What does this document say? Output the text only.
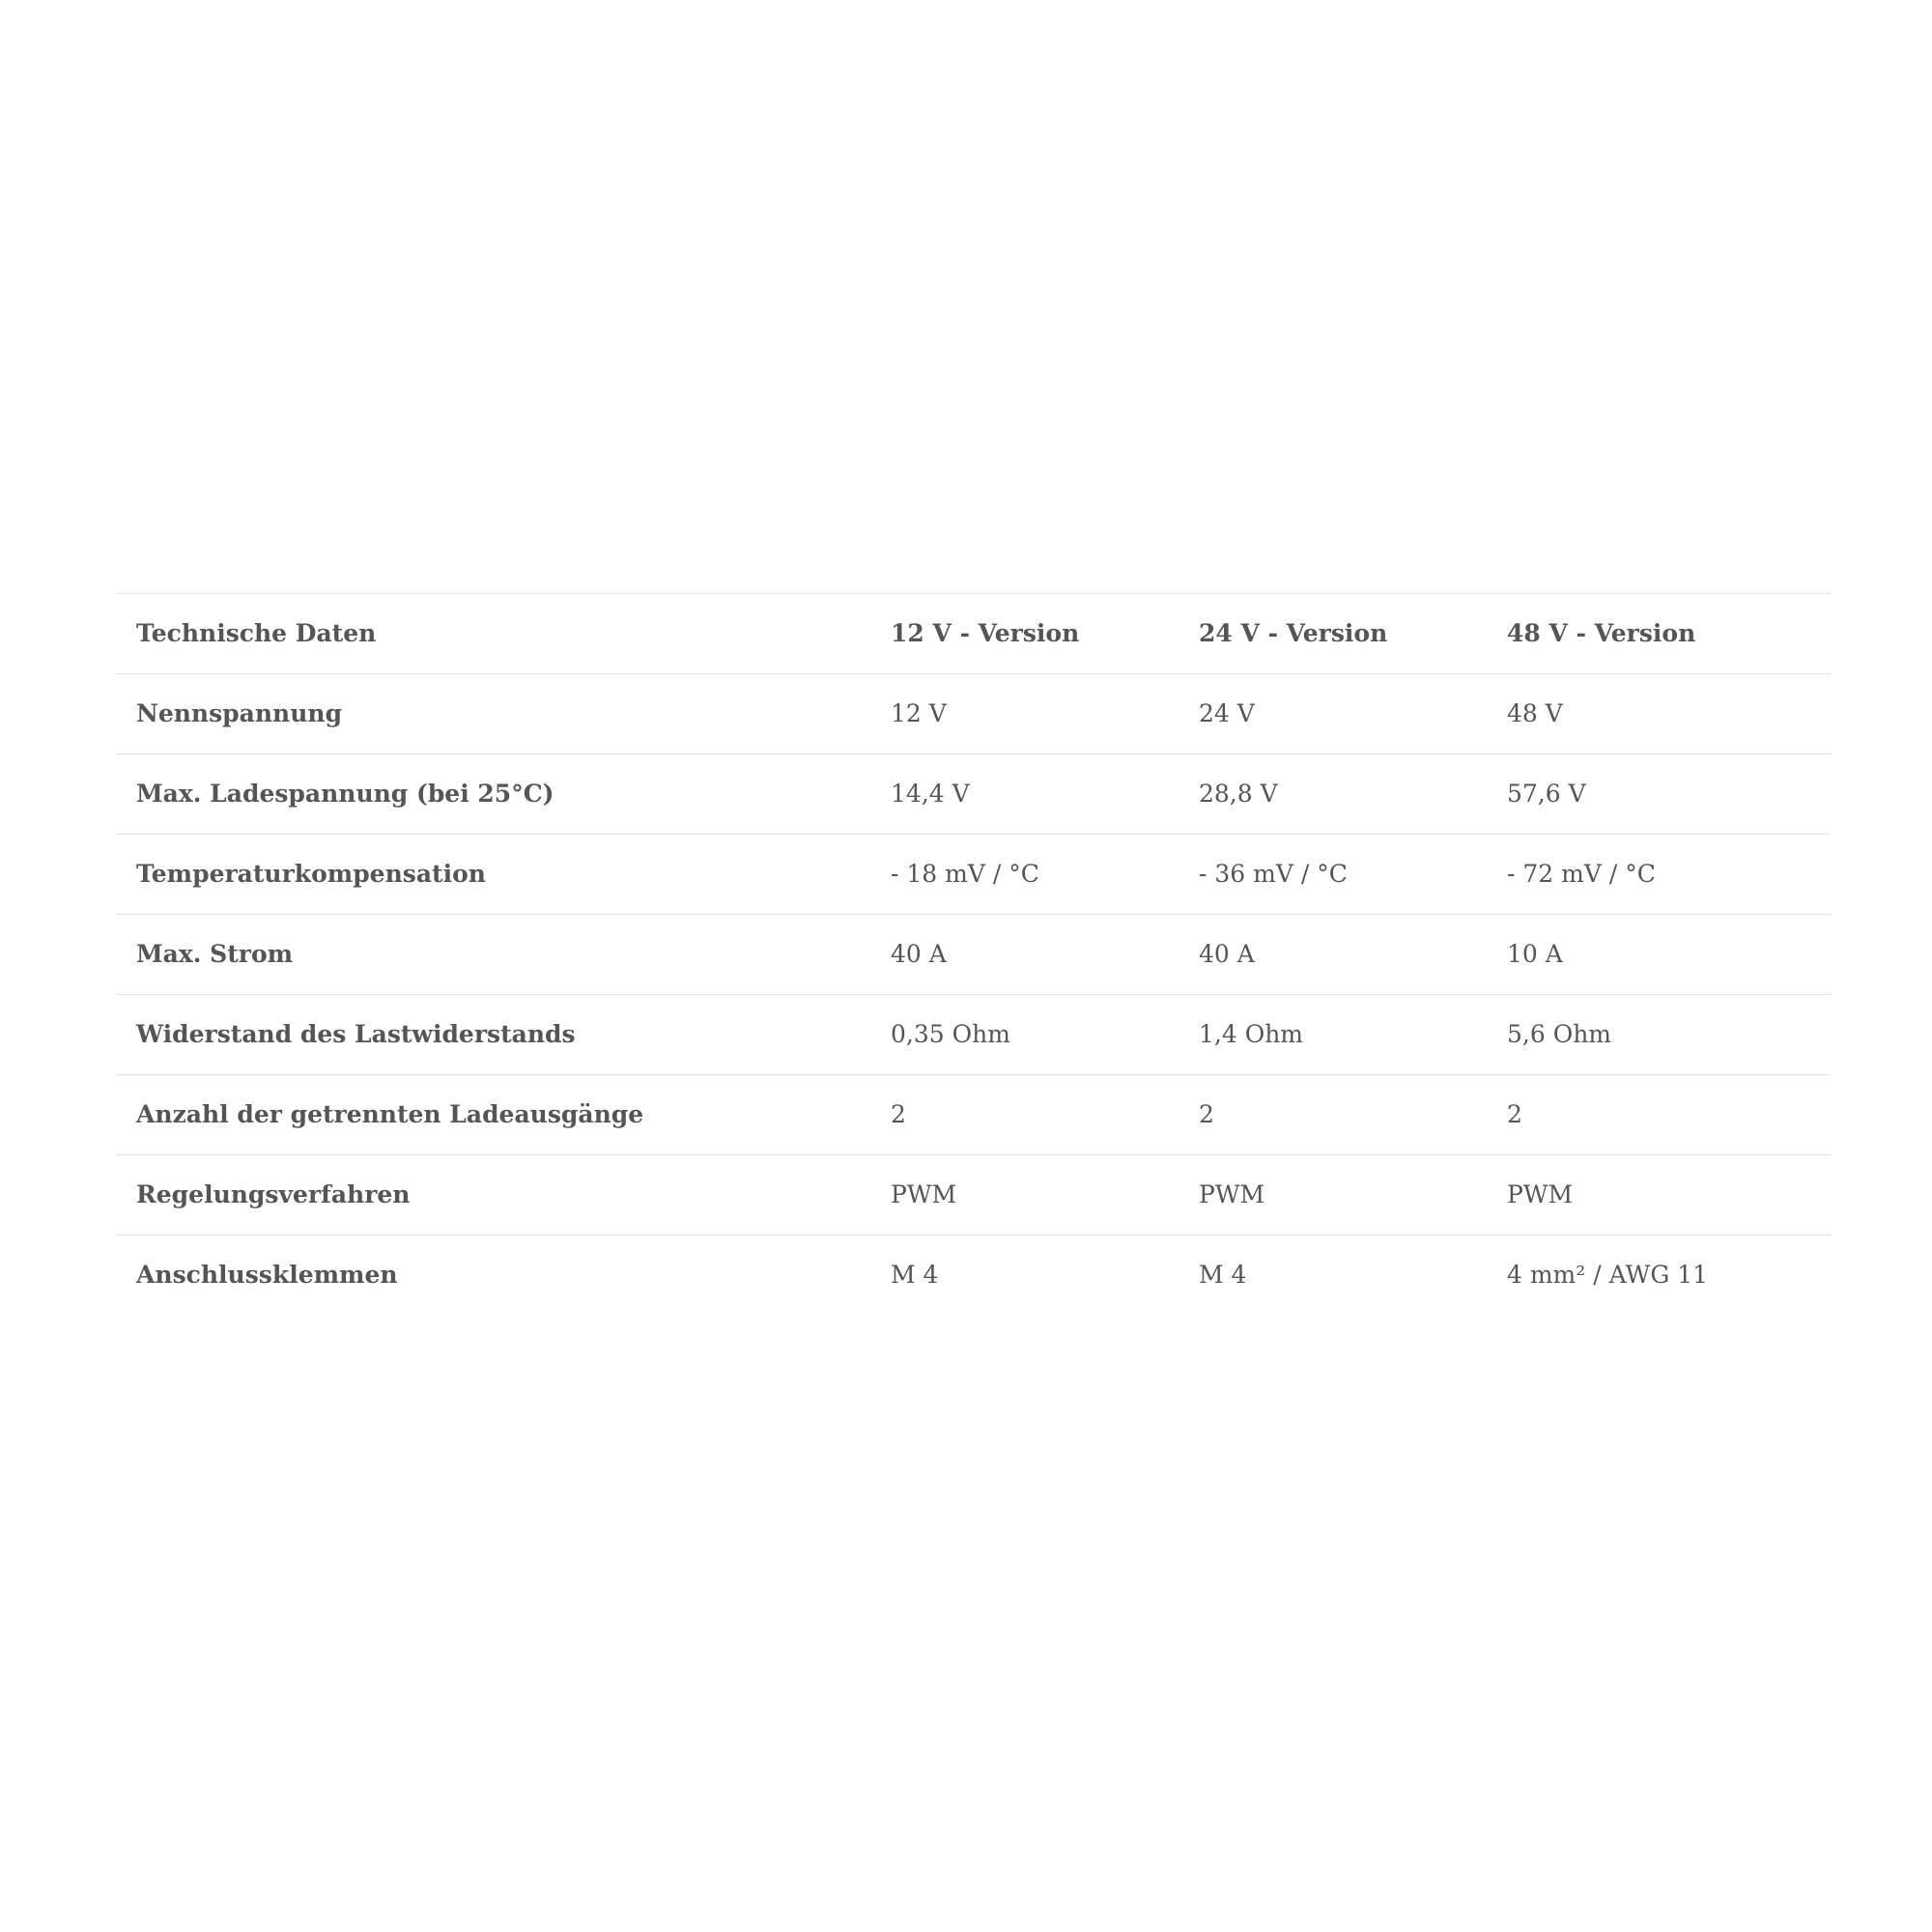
Technische Daten	12 V - Version	24 V - Version	48 V - Version
Nennspannung	12 V	24 V	48 V
Max. Ladespannung (bei 25°C)	14,4 V	28,8 V	57,6 V
Temperaturkompensation	- 18 mV / °C	- 36 mV / °C	- 72 mV / °C
Max. Strom	40 A	40 A	10 A
Widerstand des Lastwiderstands	0,35 Ohm	1,4 Ohm	5,6 Ohm
Anzahl der getrennten Ladeausgänge	2	2	2
Regelungsverfahren	PWM	PWM	PWM
Anschlussklemmen	M 4	M 4	4 mm² / AWG 11
